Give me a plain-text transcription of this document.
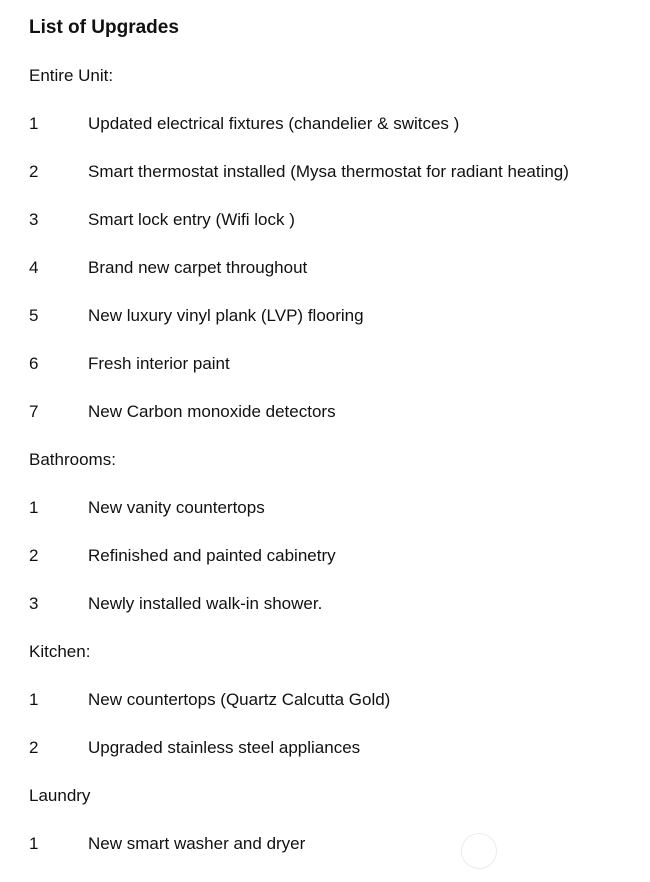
List of Upgrades
Entire Unit:
1	Updated electrical fixtures (chandelier & switces )
2	Smart thermostat installed (Mysa thermostat for radiant heating)
3	Smart lock entry (Wifi lock )
4	Brand new carpet throughout
5	New luxury vinyl plank (LVP) flooring
6	Fresh interior paint
7	New Carbon monoxide detectors
Bathrooms:
1	New vanity countertops
2	Refinished and painted cabinetry
3	Newly installed walk-in shower.
Kitchen:
1	New countertops (Quartz Calcutta Gold)
2	Upgraded stainless steel appliances
Laundry
1	New smart washer and dryer
